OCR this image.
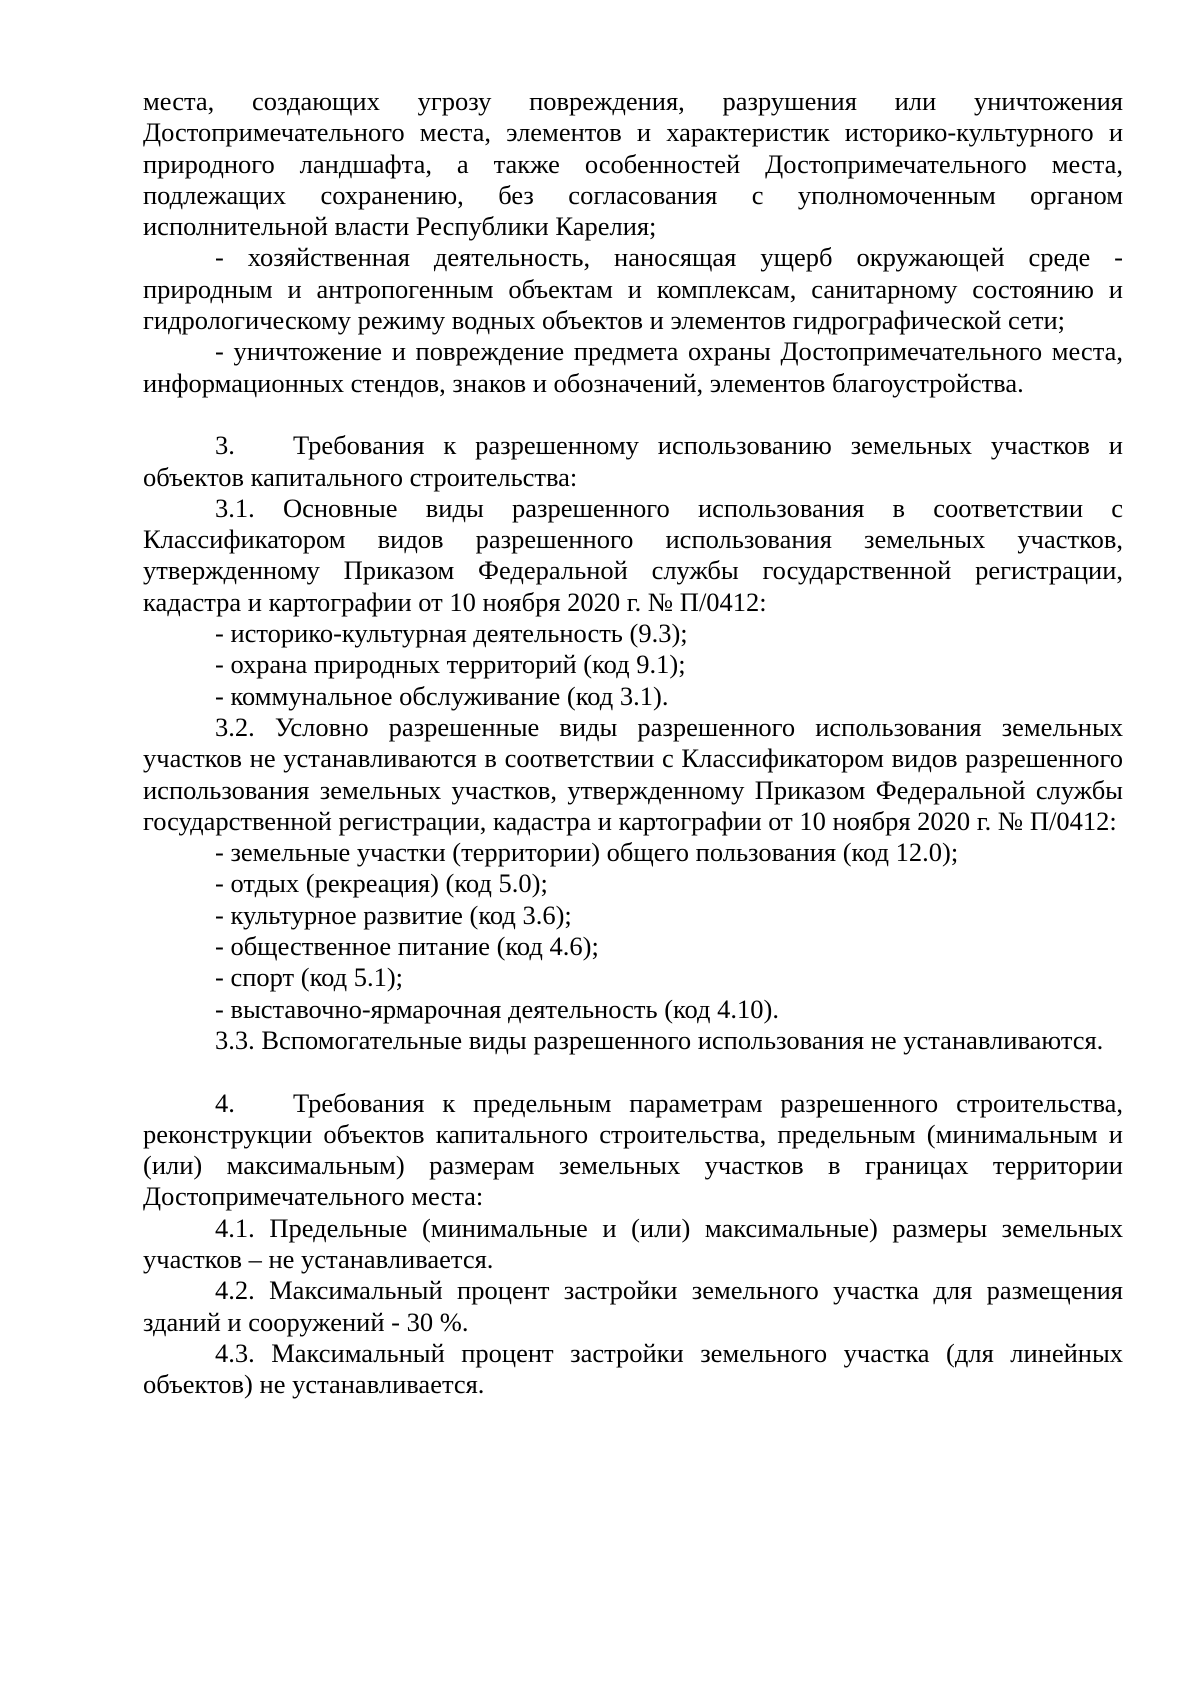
места, создающих угрозу повреждения, разрушения или уничтожения Достопримечательного места, элементов и характеристик историко-культурного и природного ландшафта, а также особенностей Достопримечательного места, подлежащих сохранению, без согласования с уполномоченным органом исполнительной власти Республики Карелия;

- хозяйственная деятельность, наносящая ущерб окружающей среде - природным и антропогенным объектам и комплексам, санитарному состоянию и гидрологическому режиму водных объектов и элементов гидрографической сети;

- уничтожение и повреждение предмета охраны Достопримечательного места, информационных стендов, знаков и обозначений, элементов благоустройства.

3. Требования к разрешенному использованию земельных участков и объектов капитального строительства:

3.1. Основные виды разрешенного использования в соответствии с Классификатором видов разрешенного использования земельных участков, утвержденному Приказом Федеральной службы государственной регистрации, кадастра и картографии от 10 ноября 2020 г. № П/0412:

- историко-культурная деятельность (9.3);

- охрана природных территорий (код 9.1);

- коммунальное обслуживание (код 3.1).

3.2. Условно разрешенные виды разрешенного использования земельных участков не устанавливаются в соответствии с Классификатором видов разрешенного использования земельных участков, утвержденному Приказом Федеральной службы государственной регистрации, кадастра и картографии от 10 ноября 2020 г. № П/0412:

- земельные участки (территории) общего пользования (код 12.0);

- отдых (рекреация) (код 5.0);

- культурное развитие (код 3.6);

- общественное питание (код 4.6);

- спорт (код 5.1);

- выставочно-ярмарочная деятельность (код 4.10).

3.3. Вспомогательные виды разрешенного использования не устанавливаются.

4. Требования к предельным параметрам разрешенного строительства, реконструкции объектов капитального строительства, предельным (минимальным и (или) максимальным) размерам земельных участков в границах территории Достопримечательного места:

4.1. Предельные (минимальные и (или) максимальные) размеры земельных участков – не устанавливается.

4.2. Максимальный процент застройки земельного участка для размещения зданий и сооружений - 30 %.

4.3. Максимальный процент застройки земельного участка (для линейных объектов) не устанавливается.
